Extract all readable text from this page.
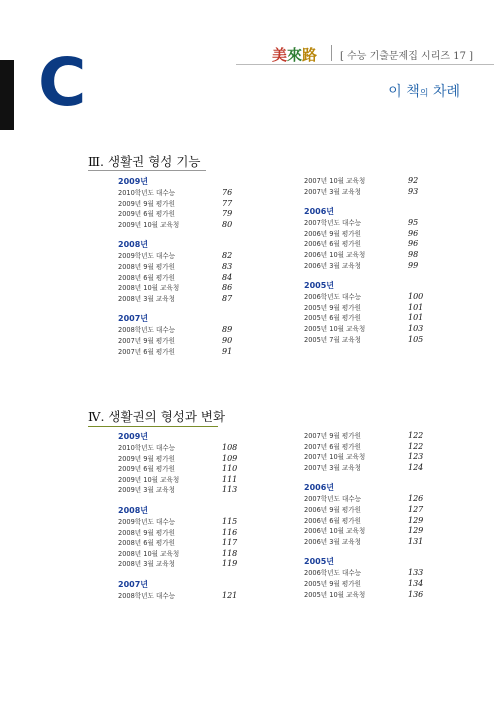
C	美來路 [ 수능 기출문제집 시리즈 17 ]
이 책의 차례
Ⅲ. 생활권 형성 기능
2009년
2010학년도 대수능	76
2009년 9월 평가원	77
2009년 6월 평가원	79
2009년 10월 교육청	80
2008년
2009학년도 대수능	82
2008년 9월 평가원	83
2008년 6월 평가원	84
2008년 10월 교육청	86
2008년 3월 교육청	87
2007년
2008학년도 대수능	89
2007년 9월 평가원	90
2007년 6월 평가원	91
2007년 10월 교육청	92
2007년 3월 교육청	93
2006년
2007학년도 대수능	95
2006년 9월 평가원	96
2006년 6월 평가원	96
2006년 10월 교육청	98
2006년 3월 교육청	99
2005년
2006학년도 대수능	100
2005년 9월 평가원	101
2005년 6월 평가원	101
2005년 10월 교육청	103
2005년 7월 교육청	105
Ⅳ. 생활권의 형성과 변화
2009년
2010학년도 대수능	108
2009년 9월 평가원	109
2009년 6월 평가원	110
2009년 10월 교육청	111
2009년 3월 교육청	113
2008년
2009학년도 대수능	115
2008년 9월 평가원	116
2008년 6월 평가원	117
2008년 10월 교육청	118
2008년 3월 교육청	119
2007년
2008학년도 대수능	121
2007년 9월 평가원	122
2007년 6월 평가원	122
2007년 10월 교육청	123
2007년 3월 교육청	124
2006년
2007학년도 대수능	126
2006년 9월 평가원	127
2006년 6월 평가원	129
2006년 10월 교육청	129
2006년 3월 교육청	131
2005년
2006학년도 대수능	133
2005년 9월 평가원	134
2005년 10월 교육청	136
